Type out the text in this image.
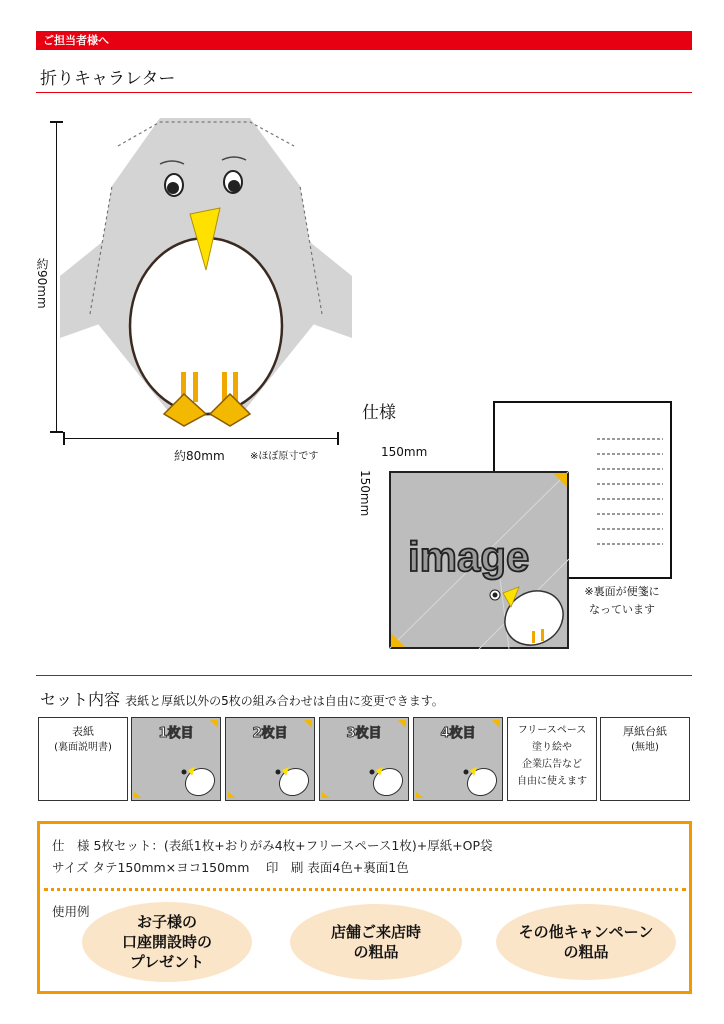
ご担当者様へ
折りキャラレター
約90mm
約80mm	※ほぼ原寸です
仕様
150mm
150mm
image
※裏面が便箋に
なっています
セット内容 表紙と厚紙以外の5枚の組み合わせは自由に変更できます。
表紙
(裏面説明書)
1枚目	2枚目	3枚目	4枚目	フリースペース
塗り絵や
企業広告など
自由に使えます
厚紙台紙
(無地)
仕　様 5枚セット：(表紙1枚+おりがみ4枚+フリースペース1枚)+厚紙+OP袋
サイズ タテ150mm×ヨコ150mm　 印　刷 表面4色+裏面1色
使用例
お子様の
口座開設時の
プレゼント
店舗ご来店時
の粗品
その他キャンペーン
の粗品
